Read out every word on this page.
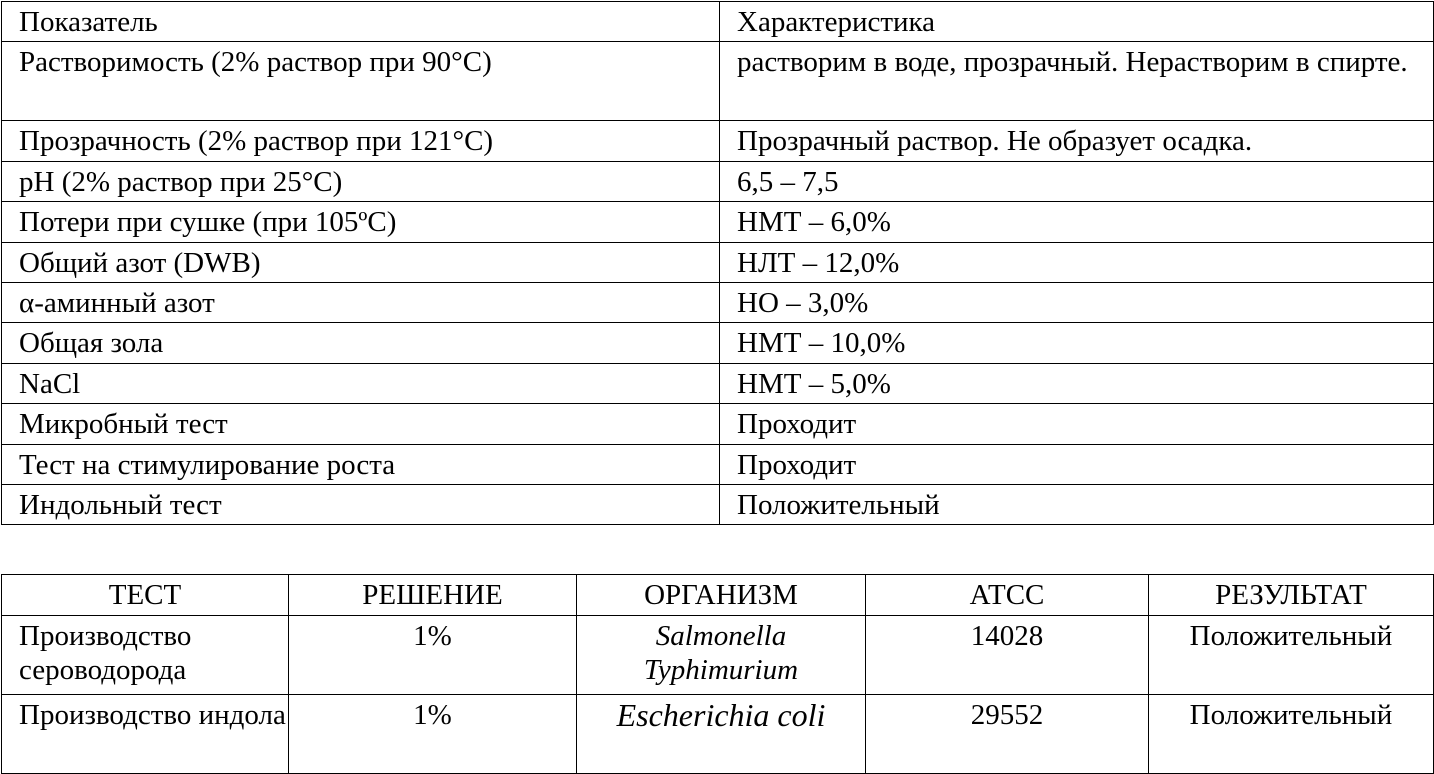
Показатель	Характеристика
Растворимость (2% раствор при 90°С)	растворим в воде, прозрачный. Нерастворим в спирте.
Прозрачность (2% раствор при 121°С)	Прозрачный раствор. Не образует осадка.
pH (2% раствор при 25°С)	6,5 – 7,5
Потери при сушке (при 105ºС)	НМТ – 6,0%
Общий азот (DWB)	НЛТ – 12,0%
α-аминный азот	НО – 3,0%
Общая зола	НМТ – 10,0%
NaCl	НМТ – 5,0%
Микробный тест	Проходит
Тест на стимулирование роста	Проходит
Индольный тест	Положительный
ТЕСТ	РЕШЕНИЕ	ОРГАНИЗМ	АТСС	РЕЗУЛЬТАТ
Производство сероводорода	1%	Salmonella Typhimurium	14028	Положительный
Производство индола	1%	Escherichia coli	29552	Положительный
